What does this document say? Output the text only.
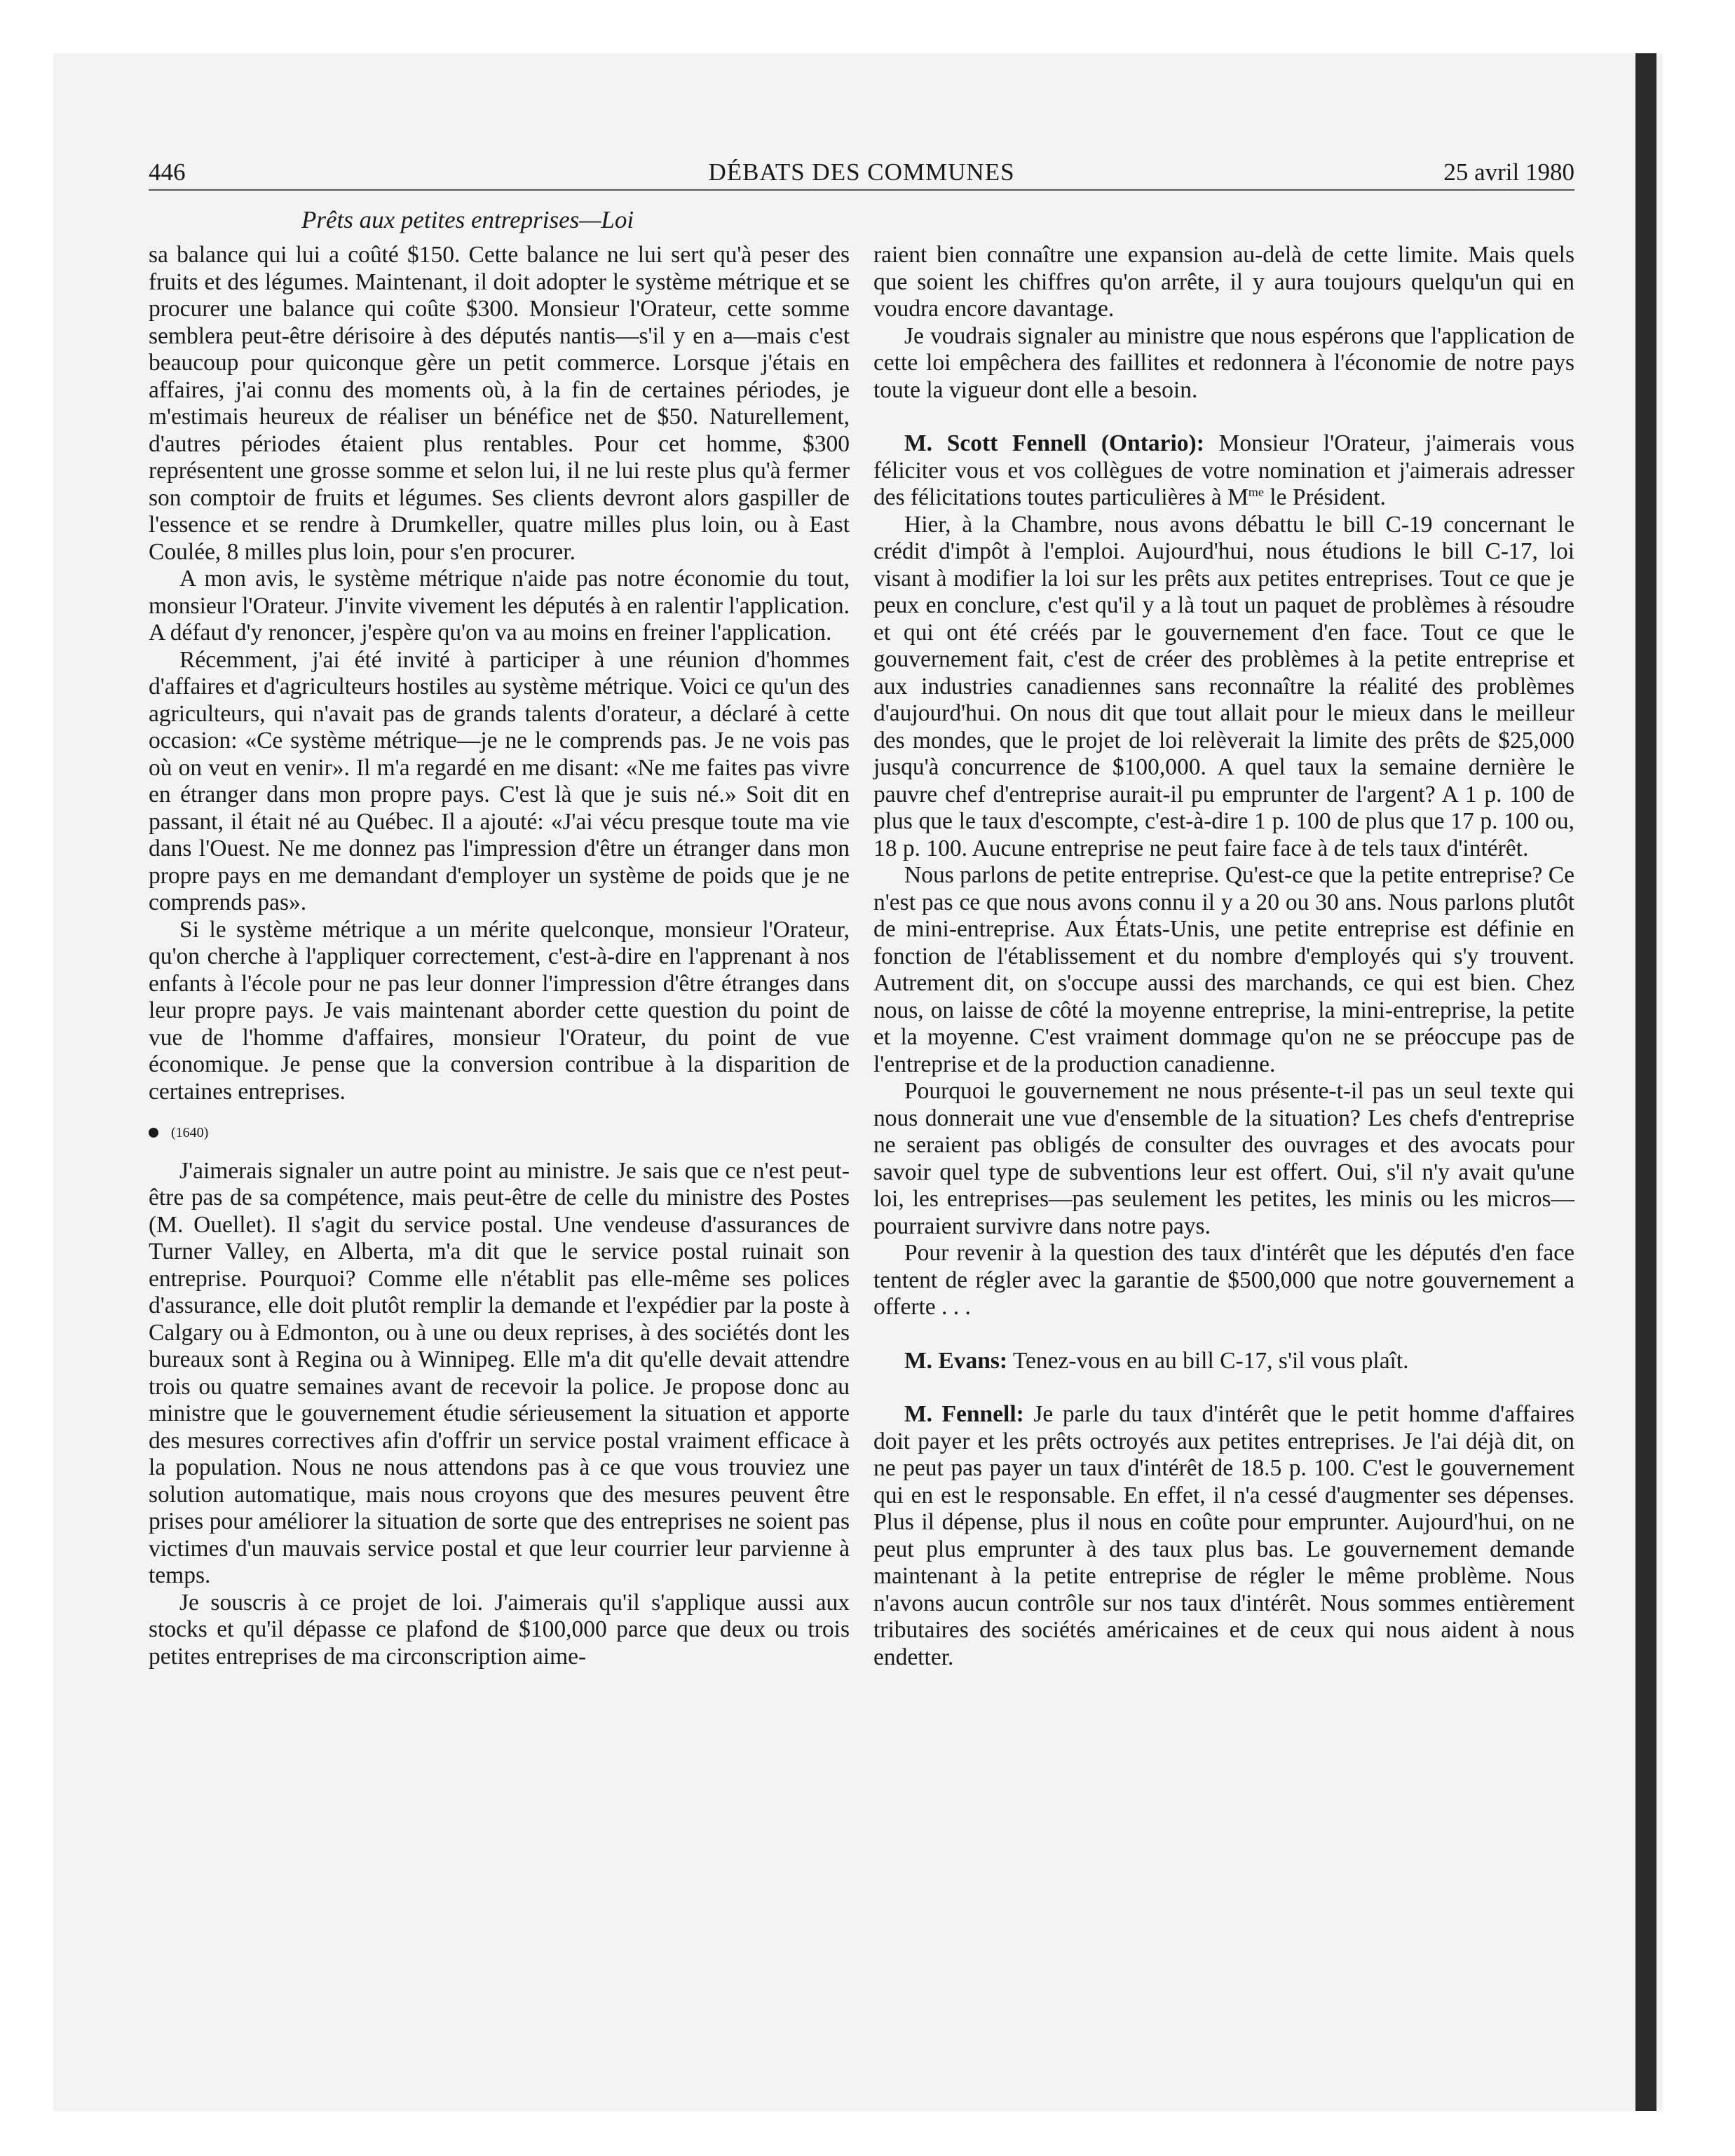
446	DÉBATS DES COMMUNES	25 avril 1980
Prêts aux petites entreprises—Loi

sa balance qui lui a coûté $150. Cette balance ne lui sert qu'à peser des fruits et des légumes. Maintenant, il doit adopter le système métrique et se procurer une balance qui coûte $300. Monsieur l'Orateur, cette somme semblera peut-être dérisoire à des députés nantis—s'il y en a—mais c'est beaucoup pour quiconque gère un petit commerce. Lorsque j'étais en affaires, j'ai connu des moments où, à la fin de certaines périodes, je m'estimais heureux de réaliser un bénéfice net de $50. Naturellement, d'autres périodes étaient plus rentables. Pour cet homme, $300 représentent une grosse somme et selon lui, il ne lui reste plus qu'à fermer son comptoir de fruits et légumes. Ses clients devront alors gaspiller de l'essence et se rendre à Drumkeller, quatre milles plus loin, ou à East Coulée, 8 milles plus loin, pour s'en procurer.

A mon avis, le système métrique n'aide pas notre économie du tout, monsieur l'Orateur. J'invite vivement les députés à en ralentir l'application. A défaut d'y renoncer, j'espère qu'on va au moins en freiner l'application.

Récemment, j'ai été invité à participer à une réunion d'hommes d'affaires et d'agriculteurs hostiles au système métrique. Voici ce qu'un des agriculteurs, qui n'avait pas de grands talents d'orateur, a déclaré à cette occasion: «Ce système métrique—je ne le comprends pas. Je ne vois pas où on veut en venir». Il m'a regardé en me disant: «Ne me faites pas vivre en étranger dans mon propre pays. C'est là que je suis né.» Soit dit en passant, il était né au Québec. Il a ajouté: «J'ai vécu presque toute ma vie dans l'Ouest. Ne me donnez pas l'impression d'être un étranger dans mon propre pays en me demandant d'employer un système de poids que je ne comprends pas».

Si le système métrique a un mérite quelconque, monsieur l'Orateur, qu'on cherche à l'appliquer correctement, c'est-à-dire en l'apprenant à nos enfants à l'école pour ne pas leur donner l'impression d'être étranges dans leur propre pays. Je vais maintenant aborder cette question du point de vue de l'homme d'affaires, monsieur l'Orateur, du point de vue économique. Je pense que la conversion contribue à la disparition de certaines entreprises.

(1640)

J'aimerais signaler un autre point au ministre. Je sais que ce n'est peut-être pas de sa compétence, mais peut-être de celle du ministre des Postes (M. Ouellet). Il s'agit du service postal. Une vendeuse d'assurances de Turner Valley, en Alberta, m'a dit que le service postal ruinait son entreprise. Pourquoi? Comme elle n'établit pas elle-même ses polices d'assurance, elle doit plutôt remplir la demande et l'expédier par la poste à Calgary ou à Edmonton, ou à une ou deux reprises, à des sociétés dont les bureaux sont à Regina ou à Winnipeg. Elle m'a dit qu'elle devait attendre trois ou quatre semaines avant de recevoir la police. Je propose donc au ministre que le gouvernement étudie sérieusement la situation et apporte des mesures correctives afin d'offrir un service postal vraiment efficace à la population. Nous ne nous attendons pas à ce que vous trouviez une solution automatique, mais nous croyons que des mesures peuvent être prises pour améliorer la situation de sorte que des entreprises ne soient pas victimes d'un mauvais service postal et que leur courrier leur parvienne à temps.

Je souscris à ce projet de loi. J'aimerais qu'il s'applique aussi aux stocks et qu'il dépasse ce plafond de $100,000 parce que deux ou trois petites entreprises de ma circonscription aime-

raient bien connaître une expansion au-delà de cette limite. Mais quels que soient les chiffres qu'on arrête, il y aura toujours quelqu'un qui en voudra encore davantage.

Je voudrais signaler au ministre que nous espérons que l'application de cette loi empêchera des faillites et redonnera à l'économie de notre pays toute la vigueur dont elle a besoin.

M. Scott Fennell (Ontario): Monsieur l'Orateur, j'aimerais vous féliciter vous et vos collègues de votre nomination et j'aimerais adresser des félicitations toutes particulières à $M^{me}$ le Président.

Hier, à la Chambre, nous avons débattu le bill C-19 concernant le crédit d'impôt à l'emploi. Aujourd'hui, nous étudions le bill C-17, loi visant à modifier la loi sur les prêts aux petites entreprises. Tout ce que je peux en conclure, c'est qu'il y a là tout un paquet de problèmes à résoudre et qui ont été créés par le gouvernement d'en face. Tout ce que le gouvernement fait, c'est de créer des problèmes à la petite entreprise et aux industries canadiennes sans reconnaître la réalité des problèmes d'aujourd'hui. On nous dit que tout allait pour le mieux dans le meilleur des mondes, que le projet de loi relèverait la limite des prêts de $25,000 jusqu'à concurrence de $100,000. A quel taux la semaine dernière le pauvre chef d'entreprise aurait-il pu emprunter de l'argent? A 1 p. 100 de plus que le taux d'escompte, c'est-à-dire 1 p. 100 de plus que 17 p. 100 ou, 18 p. 100. Aucune entreprise ne peut faire face à de tels taux d'intérêt.

Nous parlons de petite entreprise. Qu'est-ce que la petite entreprise? Ce n'est pas ce que nous avons connu il y a 20 ou 30 ans. Nous parlons plutôt de mini-entreprise. Aux États-Unis, une petite entreprise est définie en fonction de l'établissement et du nombre d'employés qui s'y trouvent. Autrement dit, on s'occupe aussi des marchands, ce qui est bien. Chez nous, on laisse de côté la moyenne entreprise, la mini-entreprise, la petite et la moyenne. C'est vraiment dommage qu'on ne se préoccupe pas de l'entreprise et de la production canadienne.

Pourquoi le gouvernement ne nous présente-t-il pas un seul texte qui nous donnerait une vue d'ensemble de la situation? Les chefs d'entreprise ne seraient pas obligés de consulter des ouvrages et des avocats pour savoir quel type de subventions leur est offert. Oui, s'il n'y avait qu'une loi, les entreprises—pas seulement les petites, les minis ou les micros—pourraient survivre dans notre pays.

Pour revenir à la question des taux d'intérêt que les députés d'en face tentent de régler avec la garantie de $500,000 que notre gouvernement a offerte . . .

M. Evans: Tenez-vous en au bill C-17, s'il vous plaît.

M. Fennell: Je parle du taux d'intérêt que le petit homme d'affaires doit payer et les prêts octroyés aux petites entreprises. Je l'ai déjà dit, on ne peut pas payer un taux d'intérêt de 18.5 p. 100. C'est le gouvernement qui en est le responsable. En effet, il n'a cessé d'augmenter ses dépenses. Plus il dépense, plus il nous en coûte pour emprunter. Aujourd'hui, on ne peut plus emprunter à des taux plus bas. Le gouvernement demande maintenant à la petite entreprise de régler le même problème. Nous n'avons aucun contrôle sur nos taux d'intérêt. Nous sommes entièrement tributaires des sociétés américaines et de ceux qui nous aident à nous endetter.
